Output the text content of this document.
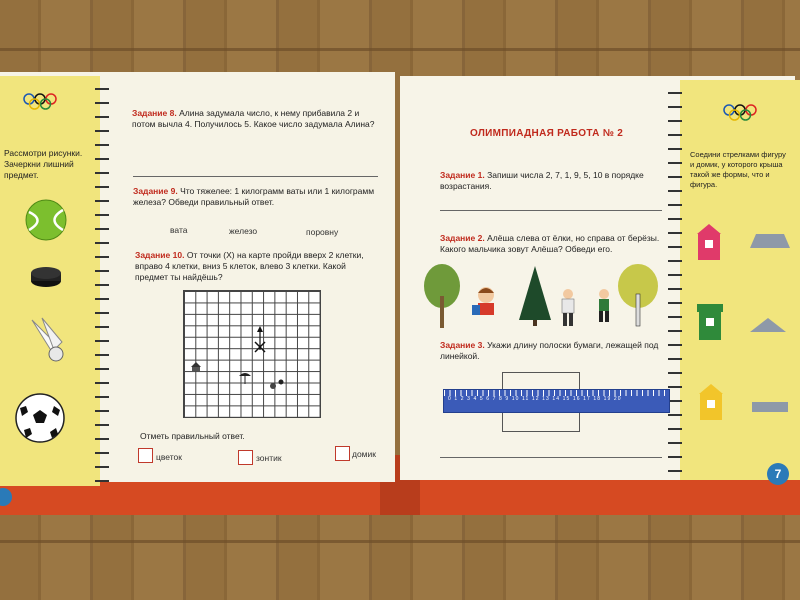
Рассмотри рисунки. Зачеркни лишний предмет.
Задание 8. Алина задумала число, к нему прибавила 2 и потом вычла 4. Получилось 5. Какое число задумала Алина?
Задание 9. Что тяжелее: 1 килограмм ваты или 1 килограмм железа? Обведи правильный ответ.
вата	железо	поровну
Задание 10. От точки (Х) на карте пройди вверх 2 клетки, вправо 4 клетки, вниз 5 клеток, влево 3 клетки. Какой предмет ты найдёшь?
Отметь правильный ответ.
цветок	зонтик	домик
ОЛИМПИАДНАЯ РАБОТА № 2
Задание 1. Запиши числа 2, 7, 1, 9, 5, 10 в порядке возрастания.
Задание 2. Алёша слева от ёлки, но справа от берёзы. Какого мальчика зовут Алёша? Обведи его.
Задание 3. Укажи длину полоски бумаги, лежащей под линейкой.
0 1 2 3 4 5 6 7 8 9 10 11 12 13 14 15 16 17 18 19 20
Соедини стрелками фигуру и домик, у которого крыша такой же формы, что и фигура.
7
